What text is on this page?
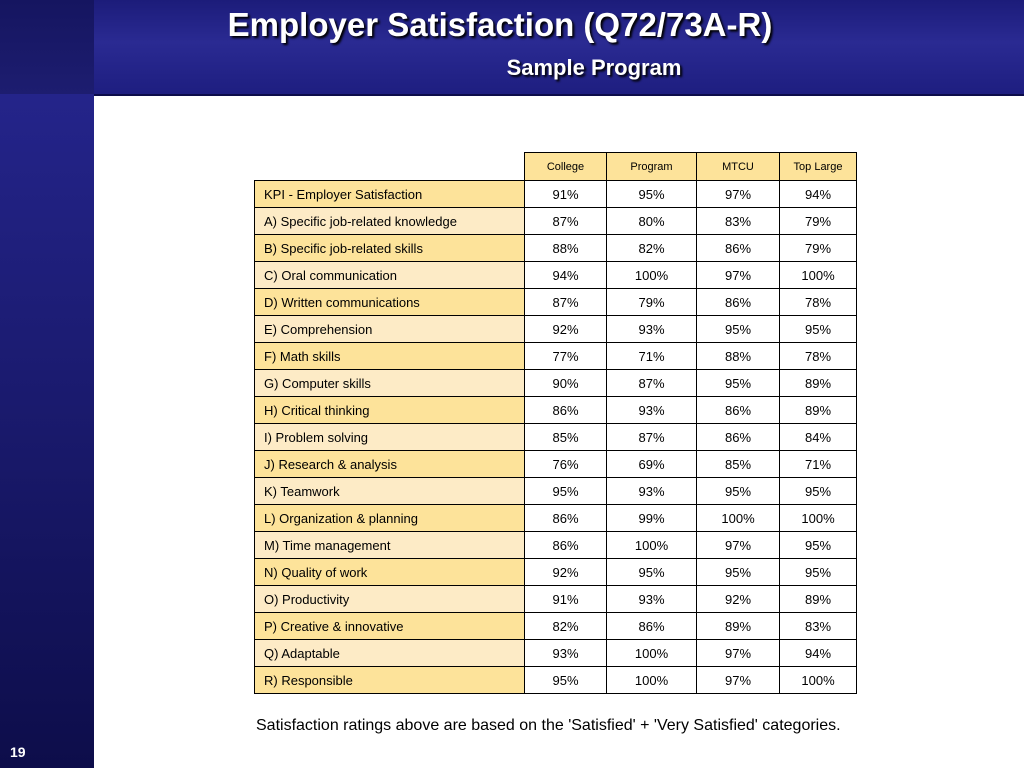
Employer Satisfaction (Q72/73A-R)
Sample Program
	College	Program	MTCU	Top Large
KPI - Employer Satisfaction	91%	95%	97%	94%
A) Specific job-related knowledge	87%	80%	83%	79%
B) Specific job-related skills	88%	82%	86%	79%
C) Oral communication	94%	100%	97%	100%
D) Written communications	87%	79%	86%	78%
E) Comprehension	92%	93%	95%	95%
F) Math skills	77%	71%	88%	78%
G) Computer skills	90%	87%	95%	89%
H) Critical thinking	86%	93%	86%	89%
I) Problem solving	85%	87%	86%	84%
J) Research & analysis	76%	69%	85%	71%
K) Teamwork	95%	93%	95%	95%
L) Organization & planning	86%	99%	100%	100%
M) Time management	86%	100%	97%	95%
N) Quality of work	92%	95%	95%	95%
O) Productivity	91%	93%	92%	89%
P) Creative & innovative	82%	86%	89%	83%
Q) Adaptable	93%	100%	97%	94%
R) Responsible	95%	100%	97%	100%
Satisfaction ratings above are based on the 'Satisfied' + 'Very Satisfied' categories.
19
